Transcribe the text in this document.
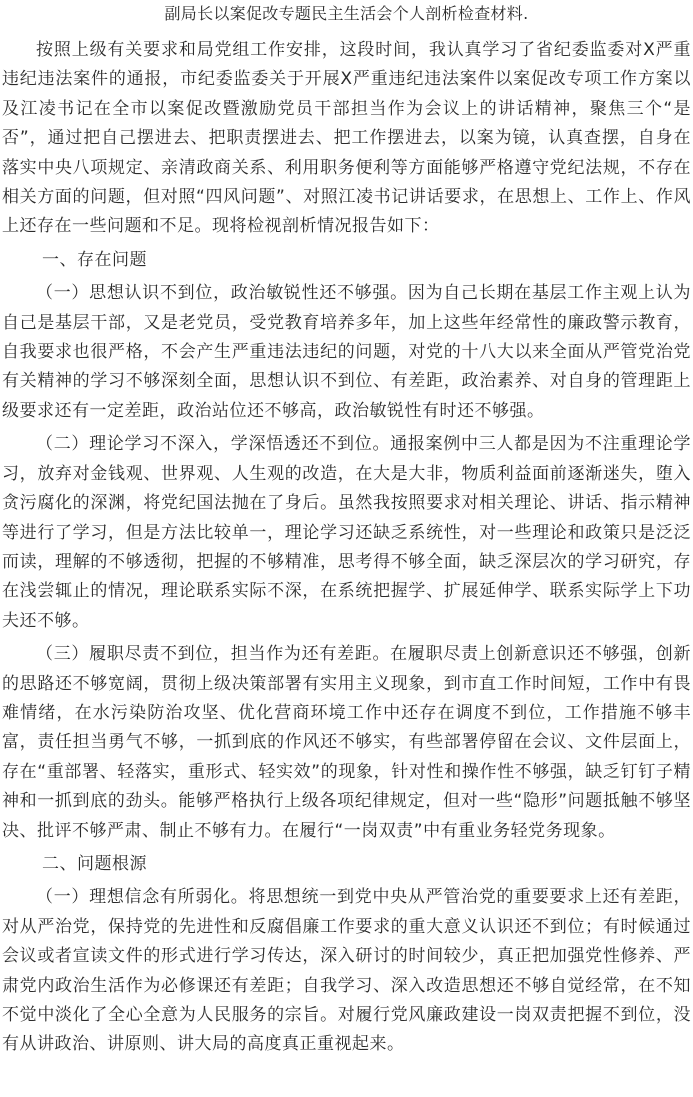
副局长以案促改专题民主生活会个人剖析检查材料.

按照上级有关要求和局党组工作安排，这段时间，我认真学习了省纪委监委对X严重违纪违法案件的通报，市纪委监委关于开展X严重违纪违法案件以案促改专项工作方案以及江凌书记在全市以案促改暨激励党员干部担当作为会议上的讲话精神，聚焦三个“是否”，通过把自己摆进去、把职责摆进去、把工作摆进去，以案为镜，认真查摆，自身在落实中央八项规定、亲清政商关系、利用职务便利等方面能够严格遵守党纪法规，不存在相关方面的问题，但对照“四风问题”、对照江凌书记讲话要求，在思想上、工作上、作风上还存在一些问题和不足。现将检视剖析情况报告如下：

一、存在问题

（一）思想认识不到位，政治敏锐性还不够强。因为自己长期在基层工作主观上认为自己是基层干部，又是老党员，受党教育培养多年，加上这些年经常性的廉政警示教育，自我要求也很严格，不会产生严重违法违纪的问题，对党的十八大以来全面从严管党治党有关精神的学习不够深刻全面，思想认识不到位、有差距，政治素养、对自身的管理距上级要求还有一定差距，政治站位还不够高，政治敏锐性有时还不够强。

（二）理论学习不深入，学深悟透还不到位。通报案例中三人都是因为不注重理论学习，放弃对金钱观、世界观、人生观的改造，在大是大非，物质利益面前逐渐迷失，堕入贪污腐化的深渊，将党纪国法抛在了身后。虽然我按照要求对相关理论、讲话、指示精神等进行了学习，但是方法比较单一，理论学习还缺乏系统性，对一些理论和政策只是泛泛而读，理解的不够透彻，把握的不够精准，思考得不够全面，缺乏深层次的学习研究，存在浅尝辄止的情况，理论联系实际不深，在系统把握学、扩展延伸学、联系实际学上下功夫还不够。

（三）履职尽责不到位，担当作为还有差距。在履职尽责上创新意识还不够强，创新的思路还不够宽阔，贯彻上级决策部署有实用主义现象，到市直工作时间短，工作中有畏难情绪，在水污染防治攻坚、优化营商环境工作中还存在调度不到位，工作措施不够丰富，责任担当勇气不够，一抓到底的作风还不够实，有些部署停留在会议、文件层面上，存在“重部署、轻落实，重形式、轻实效”的现象，针对性和操作性不够强，缺乏钉钉子精神和一抓到底的劲头。能够严格执行上级各项纪律规定，但对一些“隐形”问题抵触不够坚决、批评不够严肃、制止不够有力。在履行“一岗双责”中有重业务轻党务现象。

二、问题根源

（一）理想信念有所弱化。将思想统一到党中央从严管治党的重要要求上还有差距，对从严治党，保持党的先进性和反腐倡廉工作要求的重大意义认识还不到位；有时候通过会议或者宣读文件的形式进行学习传达，深入研讨的时间较少，真正把加强党性修养、严肃党内政治生活作为必修课还有差距；自我学习、深入改造思想还不够自觉经常，在不知不觉中淡化了全心全意为人民服务的宗旨。对履行党风廉政建设一岗双责把握不到位，没有从讲政治、讲原则、讲大局的高度真正重视起来。
